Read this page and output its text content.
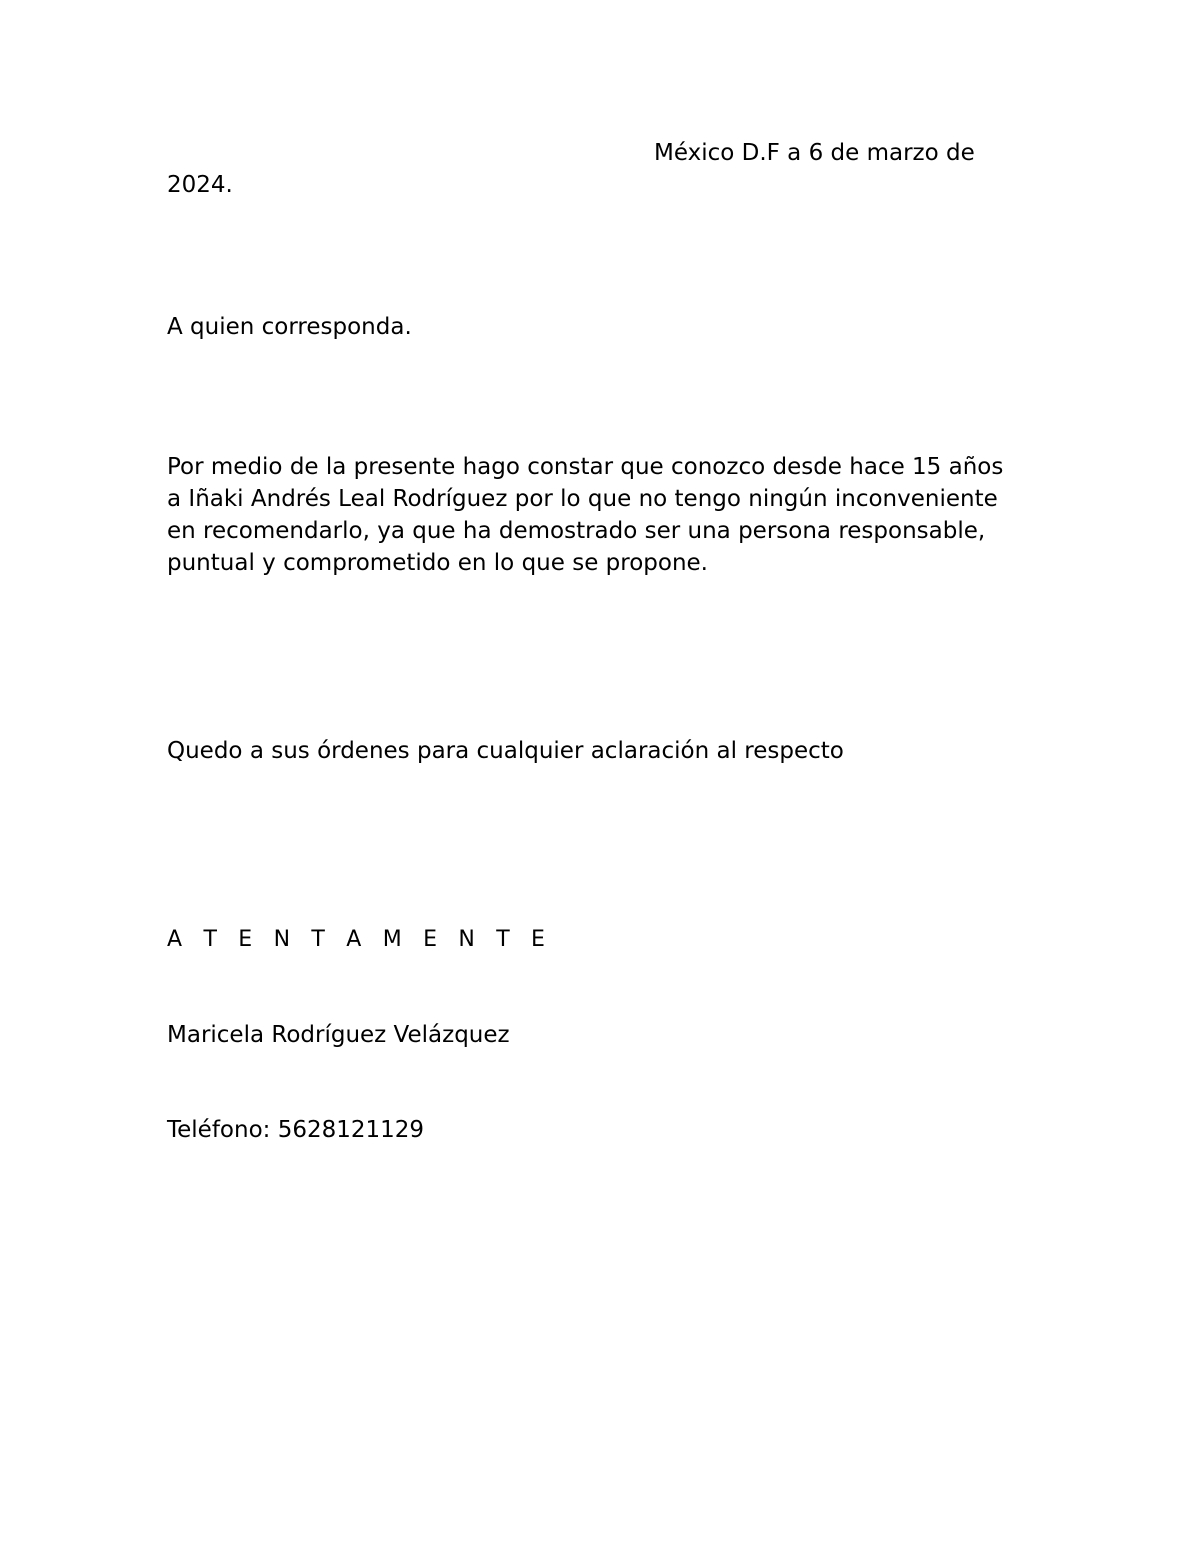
México D.F a 6 de marzo de

2024.

A quien corresponda.

Por medio de la presente hago constar que conozco desde hace 15 años
a Iñaki Andrés Leal Rodríguez por lo que no tengo ningún inconveniente
en recomendarlo, ya que ha demostrado ser una persona responsable,
puntual y comprometido en lo que se propone.

Quedo a sus órdenes para cualquier aclaración al respecto

A T E N T A M E N T E

Maricela Rodríguez Velázquez

Teléfono: 5628121129
